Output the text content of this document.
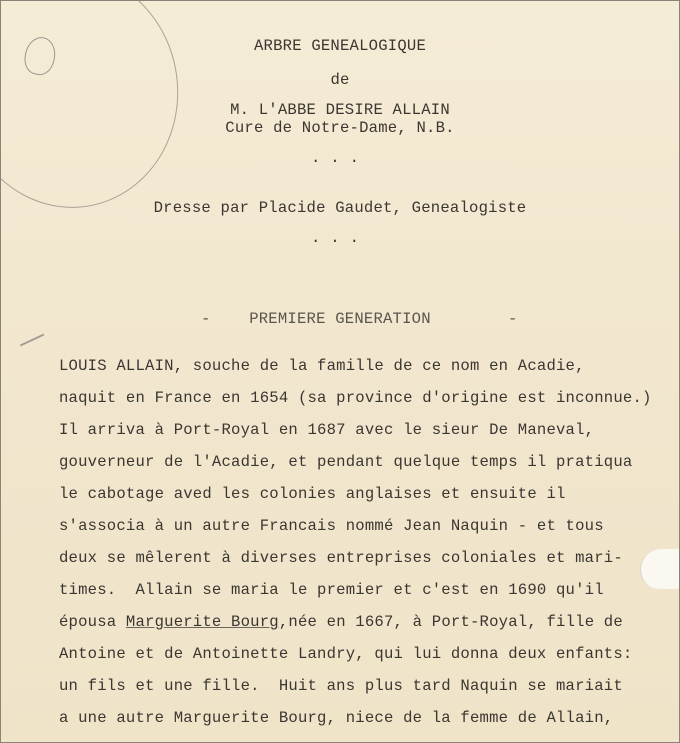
ARBRE GENEALOGIQUE
de
M. L'ABBE DESIRE ALLAIN
Cure de Notre-Dame, N.B.
...
Dresse par Placide Gaudet, Genealogiste
...
-	PREMIERE GENERATION	-
LOUIS ALLAIN, souche de la famille de ce nom en Acadie,
naquit en France en 1654 (sa province d'origine est inconnue.)
Il arriva à Port-Royal en 1687 avec le sieur De Maneval,
gouverneur de l'Acadie, et pendant quelque temps il pratiqua
le cabotage aved les colonies anglaises et ensuite il
s'associa à un autre Francais nommé Jean Naquin - et tous
deux se mêlerent à diverses entreprises coloniales et mari-
times.  Allain se maria le premier et c'est en 1690 qu'il
épousa Marguerite Bourg,née en 1667, à Port-Royal, fille de
Antoine et de Antoinette Landry, qui lui donna deux enfants:
un fils et une fille.  Huit ans plus tard Naquin se mariait
a une autre Marguerite Bourg, niece de la femme de Allain,
